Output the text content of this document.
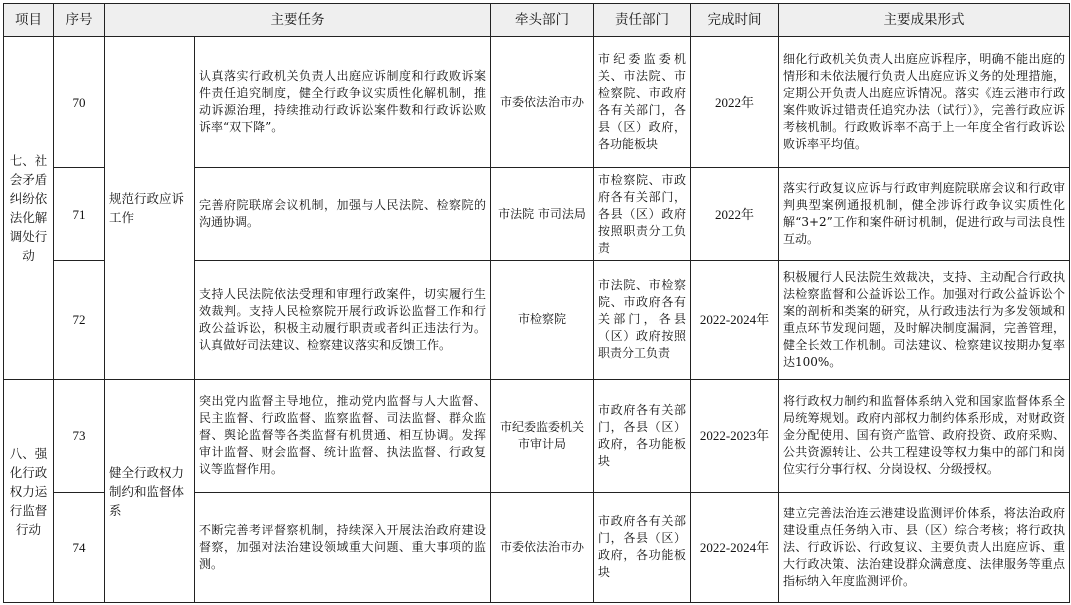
项目	序号	主要任务		牵头部门	责任部门	完成时间	主要成果形式
七、社会矛盾纠纷依法化解调处行动	70	规范行政应诉工作	认真落实行政机关负责人出庭应诉制度和行政败诉案件责任追究制度，健全行政争议实质性化解机制，推动诉源治理，持续推动行政诉讼案件数和行政诉讼败诉率“双下降”。	市委依法治市办	市纪委监委机关、市法院、市检察院、市政府各有关部门，各县（区）政府，各功能板块	2022年	细化行政机关负责人出庭应诉程序，明确不能出庭的情形和未依法履行负责人出庭应诉义务的处理措施，定期公开负责人出庭应诉情况。落实《连云港市行政案件败诉过错责任追究办法（试行）》，完善行政应诉考核机制。行政败诉率不高于上一年度全省行政诉讼败诉率平均值。
	71		完善府院联席会议机制，加强与人民法院、检察院的沟通协调。	市法院 市司法局	市检察院、市政府各有关部门，各县（区）政府按照职责分工负责	2022年	落实行政复议应诉与行政审判庭院联席会议和行政审判典型案例通报机制，健全涉诉行政争议实质性化解“3+2”工作和案件研讨机制，促进行政与司法良性互动。
	72		支持人民法院依法受理和审理行政案件，切实履行生效裁判。支持人民检察院开展行政诉讼监督工作和行政公益诉讼，积极主动履行职责或者纠正违法行为。认真做好司法建议、检察建议落实和反馈工作。	市检察院	市法院、市检察院、市政府各有关部门，各县（区）政府按照职责分工负责	2022-2024年	积极履行人民法院生效裁决，支持、主动配合行政执法检察监督和公益诉讼工作。加强对行政公益诉讼个案的剖析和类案的研究，从行政违法行为多发领域和重点环节发现问题，及时解决制度漏洞，完善管理，健全长效工作机制。司法建议、检察建议按期办复率达100%。
八、强化行政权力运行监督行动	73	健全行政权力制约和监督体系	突出党内监督主导地位，推动党内监督与人大监督、民主监督、行政监督、监察监督、司法监督、群众监督、舆论监督等各类监督有机贯通、相互协调。发挥审计监督、财会监督、统计监督、执法监督、行政复议等监督作用。	市纪委监委机关 市审计局	市政府各有关部门，各县（区）政府，各功能板块	2022-2023年	将行政权力制约和监督体系纳入党和国家监督体系全局统筹规划。政府内部权力制约体系形成，对财政资金分配使用、国有资产监管、政府投资、政府采购、公共资源转让、公共工程建设等权力集中的部门和岗位实行分事行权、分岗设权、分级授权。
	74		不断完善考评督察机制，持续深入开展法治政府建设督察，加强对法治建设领域重大问题、重大事项的监测。	市委依法治市办	市政府各有关部门，各县（区）政府，各功能板块	2022-2024年	建立完善法治连云港建设监测评价体系，将法治政府建设重点任务纳入市、县（区）综合考核；将行政执法、行政诉讼、行政复议、主要负责人出庭应诉、重大行政决策、法治建设群众满意度、法律服务等重点指标纳入年度监测评价。
